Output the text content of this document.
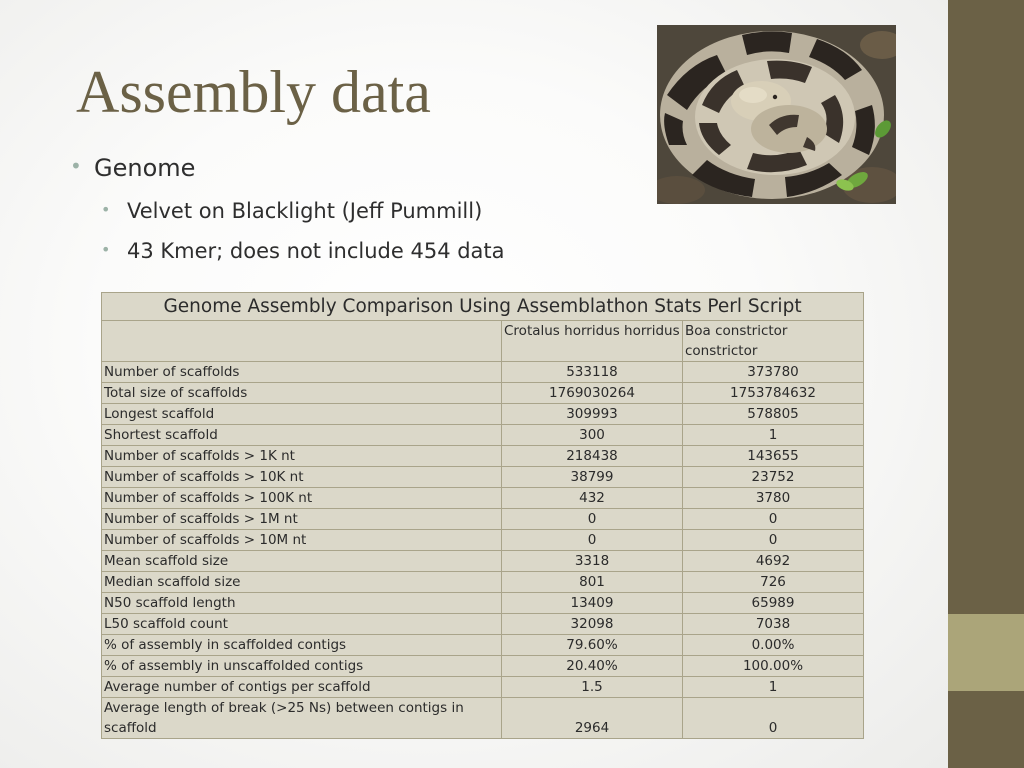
Assembly data
• Genome
• Velvet on Blacklight (Jeff Pummill)
• 43 Kmer; does not include 454 data
Genome Assembly Comparison Using Assemblathon Stats Perl Script		
	Crotalus horridus horridus	Boa constrictor constrictor
Number of scaffolds	533118	373780
Total size of scaffolds	1769030264	1753784632
Longest scaffold	309993	578805
Shortest scaffold	300	1
Number of scaffolds > 1K nt	218438	143655
Number of scaffolds > 10K nt	38799	23752
Number of scaffolds > 100K nt	432	3780
Number of scaffolds > 1M nt	0	0
Number of scaffolds > 10M nt	0	0
Mean scaffold size	3318	4692
Median scaffold size	801	726
N50 scaffold length	13409	65989
L50 scaffold count	32098	7038
% of assembly in scaffolded contigs	79.60%	0.00%
% of assembly in unscaffolded contigs	20.40%	100.00%
Average number of contigs per scaffold	1.5	1
Average length of break (>25 Ns) between contigs in scaffold	2964	0
